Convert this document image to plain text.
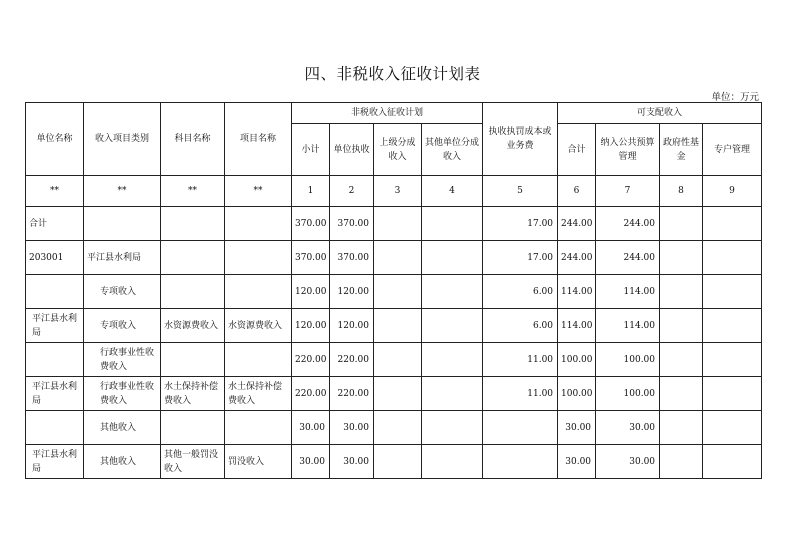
四、非税收入征收计划表
单位：万元
单位名称	收入项目类别	科目名称	项目名称	非税收入征收计划				执收执罚成本或业务费	可支配收入			
				小计	单位执收	上级分成收入	其他单位分成收入		合计	纳入公共预算管理	政府性基金	专户管理
**	**	**	**	1	2	3	4	5	6	7	8	9
合计				370.00	370.00			17.00	244.00	244.00		
203001	平江县水利局			370.00	370.00			17.00	244.00	244.00		
	专项收入			120.00	120.00			6.00	114.00	114.00		
平江县水利局	专项收入	水资源费收入	水资源费收入	120.00	120.00			6.00	114.00	114.00		
	行政事业性收费收入			220.00	220.00			11.00	100.00	100.00		
平江县水利局	行政事业性收费收入	水土保持补偿费收入	水土保持补偿费收入	220.00	220.00			11.00	100.00	100.00		
	其他收入			30.00	30.00				30.00	30.00		
平江县水利局	其他收入	其他一般罚没收入	罚没收入	30.00	30.00				30.00	30.00		
